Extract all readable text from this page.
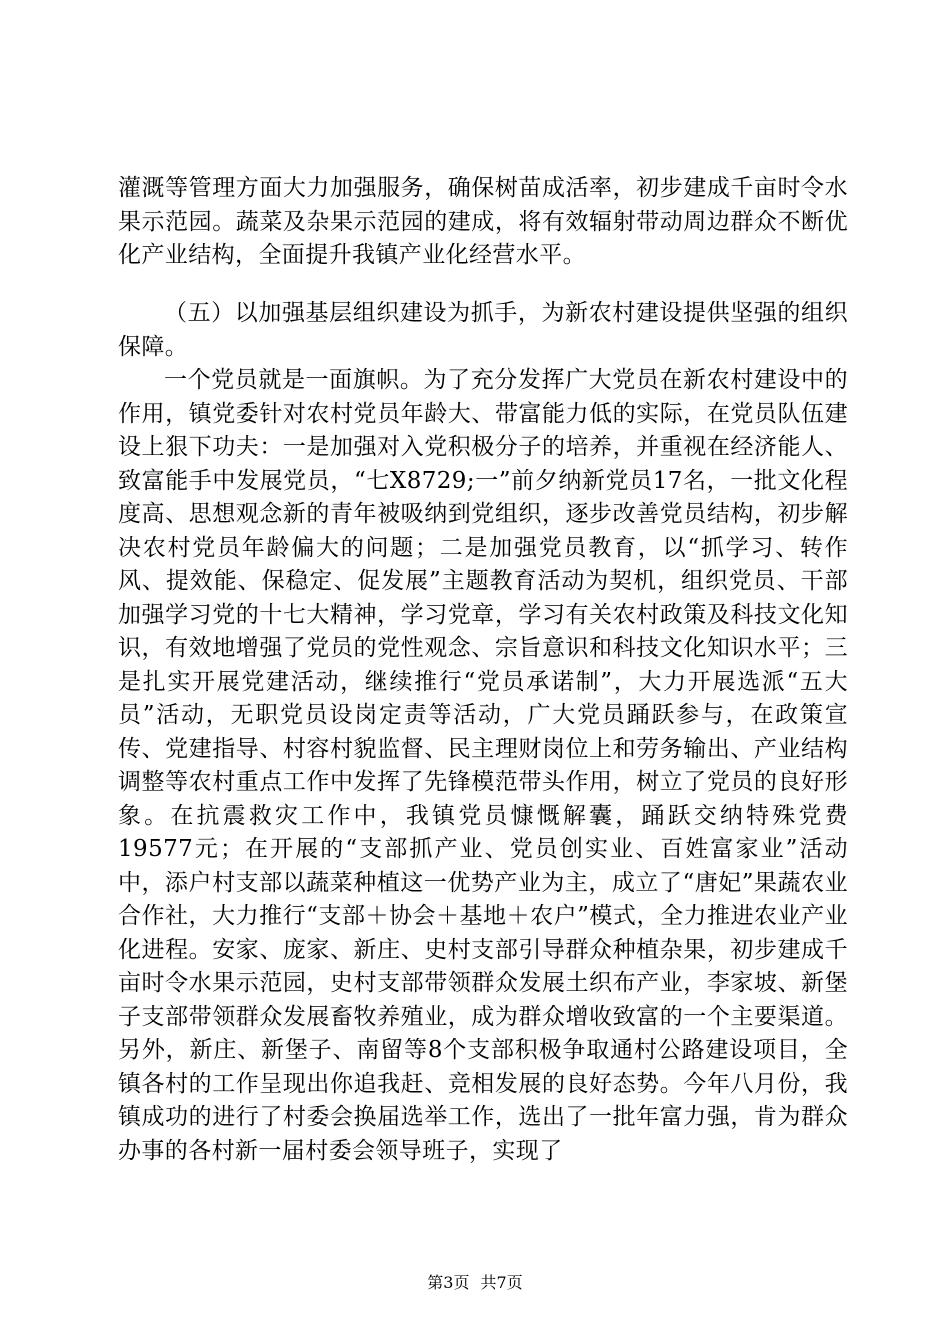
灌溉等管理方面大力加强服务，确保树苗成活率，初步建成千亩时令水果示范园。蔬菜及杂果示范园的建成，将有效辐射带动周边群众不断优化产业结构，全面提升我镇产业化经营水平。

（五）以加强基层组织建设为抓手，为新农村建设提供坚强的组织保障。

一个党员就是一面旗帜。为了充分发挥广大党员在新农村建设中的作用，镇党委针对农村党员年龄大、带富能力低的实际，在党员队伍建设上狠下功夫：一是加强对入党积极分子的培养，并重视在经济能人、致富能手中发展党员，“七X8729;一”前夕纳新党员17名，一批文化程度高、思想观念新的青年被吸纳到党组织，逐步改善党员结构，初步解决农村党员年龄偏大的问题；二是加强党员教育，以“抓学习、转作风、提效能、保稳定、促发展”主题教育活动为契机，组织党员、干部加强学习党的十七大精神，学习党章，学习有关农村政策及科技文化知识，有效地增强了党员的党性观念、宗旨意识和科技文化知识水平；三是扎实开展党建活动，继续推行“党员承诺制”，大力开展选派“五大员”活动，无职党员设岗定责等活动，广大党员踊跃参与，在政策宣传、党建指导、村容村貌监督、民主理财岗位上和劳务输出、产业结构调整等农村重点工作中发挥了先锋模范带头作用，树立了党员的良好形象。在抗震救灾工作中，我镇党员慷慨解囊，踊跃交纳特殊党费19577元；在开展的“支部抓产业、党员创实业、百姓富家业”活动中，添户村支部以蔬菜种植这一优势产业为主，成立了“唐妃”果蔬农业合作社，大力推行“支部＋协会＋基地＋农户”模式，全力推进农业产业化进程。安家、庞家、新庄、史村支部引导群众种植杂果，初步建成千亩时令水果示范园，史村支部带领群众发展土织布产业，李家坡、新堡子支部带领群众发展畜牧养殖业，成为群众增收致富的一个主要渠道。另外，新庄、新堡子、南留等8个支部积极争取通村公路建设项目，全镇各村的工作呈现出你追我赶、竞相发展的良好态势。今年八月份，我镇成功的进行了村委会换届选举工作，选出了一批年富力强，肯为群众办事的各村新一届村委会领导班子，实现了

第3页 共7页
